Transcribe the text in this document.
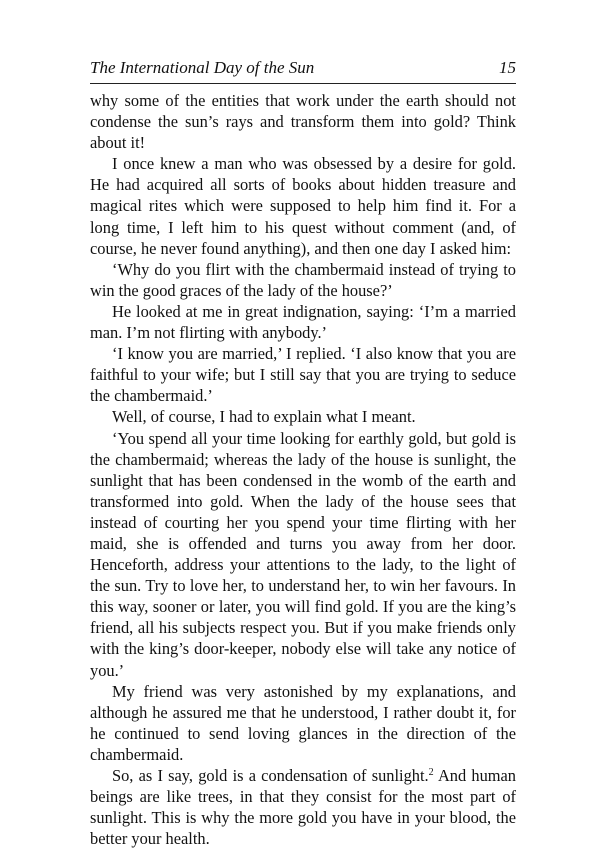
The International Day of the Sun	15

why some of the entities that work under the earth should not condense the sun’s rays and transform them into gold? Think about it!

I once knew a man who was obsessed by a desire for gold. He had acquired all sorts of books about hidden treasure and magical rites which were supposed to help him find it. For a long time, I left him to his quest without comment (and, of course, he never found anything), and then one day I asked him:

‘Why do you flirt with the chambermaid instead of trying to win the good graces of the lady of the house?’

He looked at me in great indignation, saying: ‘I’m a married man. I’m not flirting with anybody.’

‘I know you are married,’ I replied. ‘I also know that you are faithful to your wife; but I still say that you are trying to seduce the chambermaid.’

Well, of course, I had to explain what I meant.

‘You spend all your time looking for earthly gold, but gold is the chambermaid; whereas the lady of the house is sunlight, the sunlight that has been condensed in the womb of the earth and transformed into gold. When the lady of the house sees that instead of courting her you spend your time flirting with her maid, she is offended and turns you away from her door. Henceforth, address your attentions to the lady, to the light of the sun. Try to love her, to understand her, to win her favours. In this way, sooner or later, you will find gold. If you are the king’s friend, all his subjects respect you. But if you make friends only with the king’s door-keeper, nobody else will take any notice of you.’

My friend was very astonished by my explanations, and although he assured me that he understood, I rather doubt it, for he continued to send loving glances in the direction of the chambermaid.

So, as I say, gold is a condensation of sunlight.$^2$ And human beings are like trees, in that they consist for the most part of sunlight. This is why the more gold you have in your blood, the better your health.
